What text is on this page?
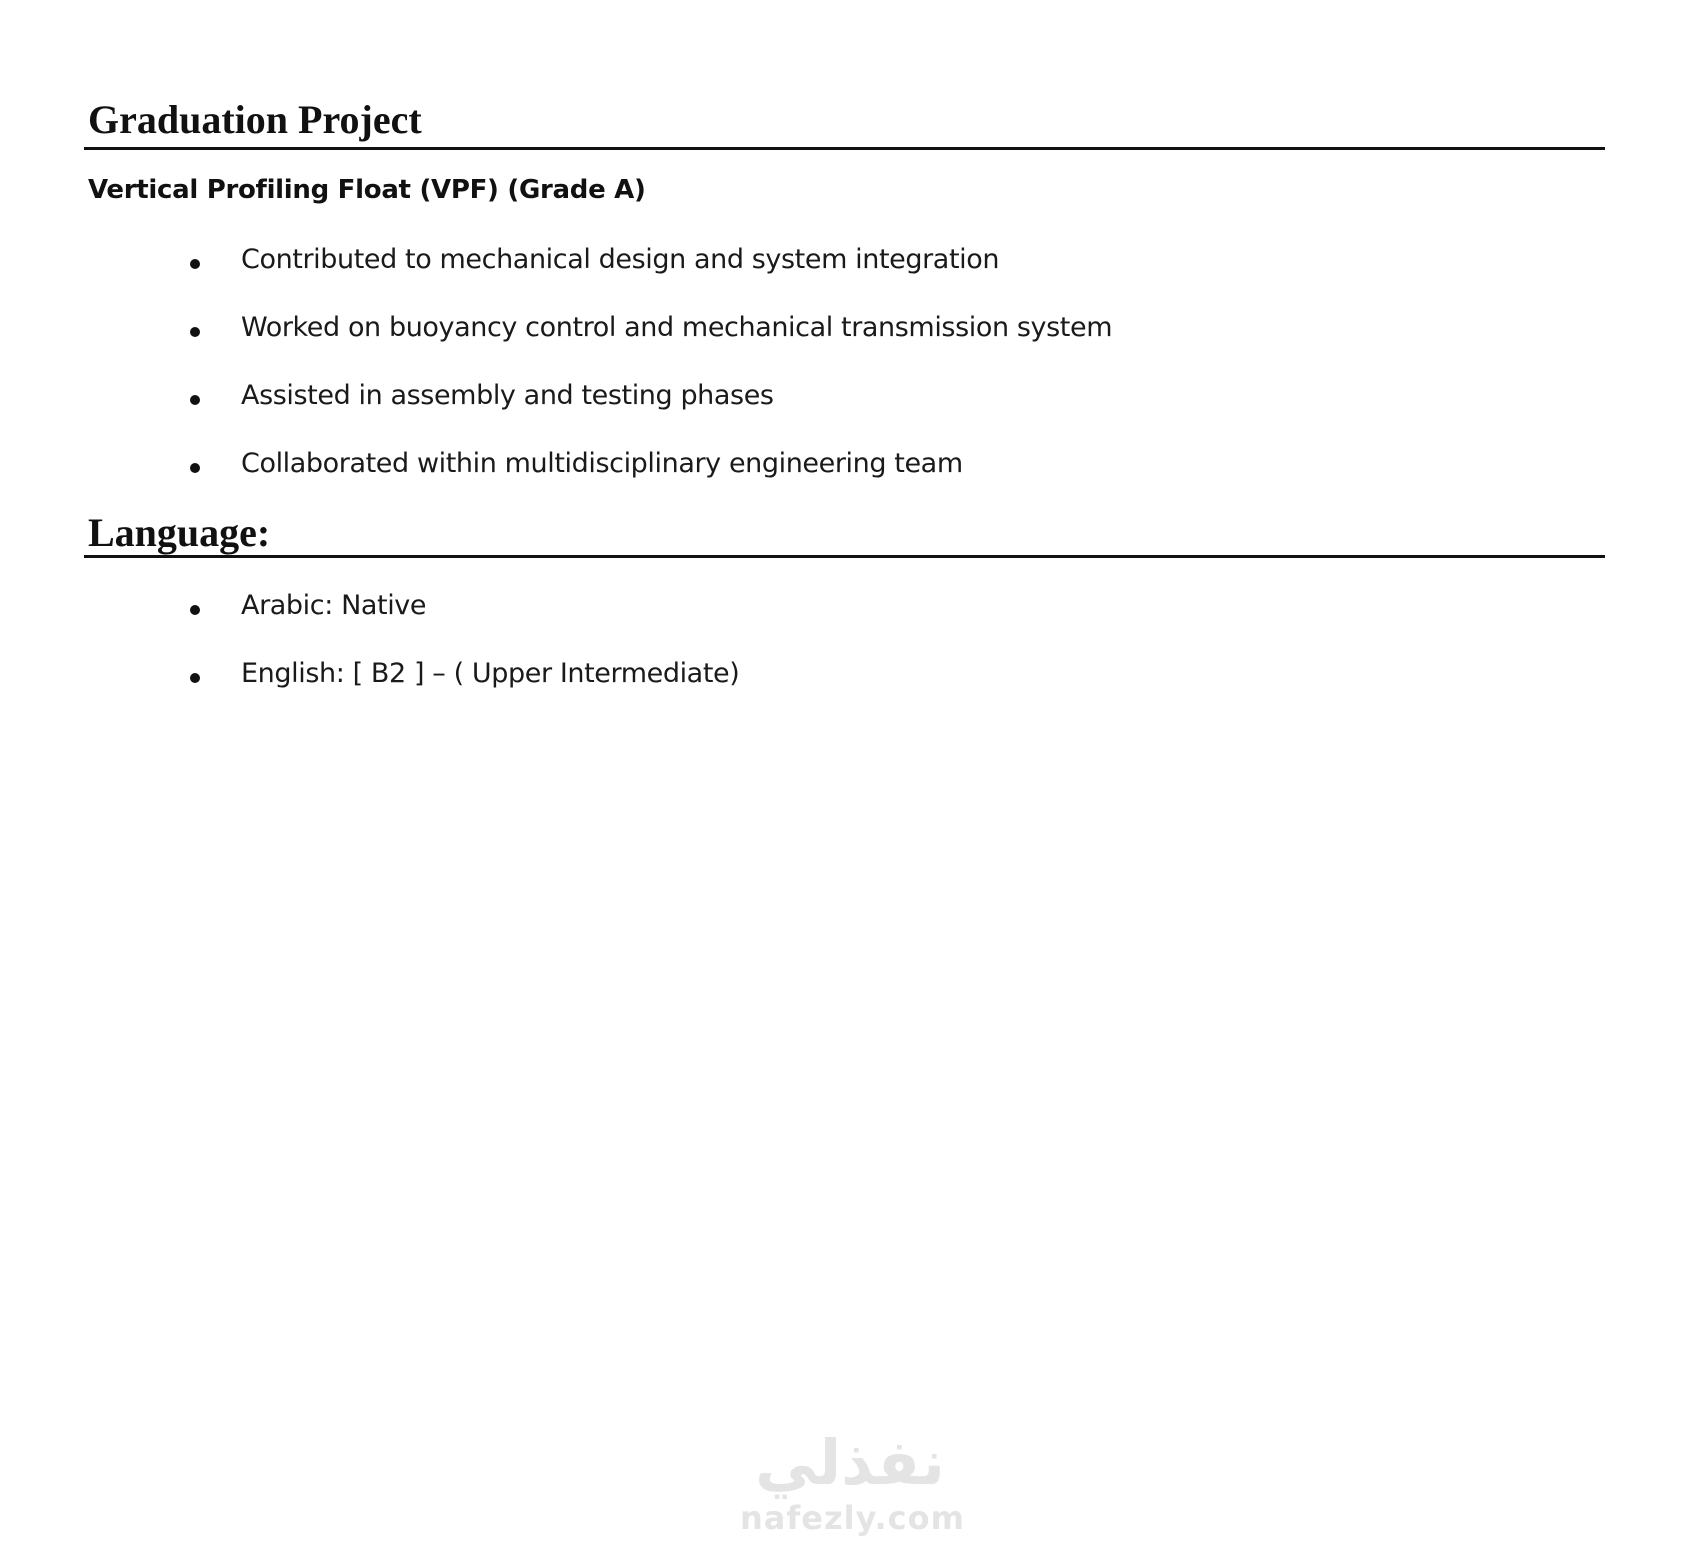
Graduation Project
Vertical Profiling Float (VPF) (Grade A)
Contributed to mechanical design and system integration
Worked on buoyancy control and mechanical transmission system
Assisted in assembly and testing phases
Collaborated within multidisciplinary engineering team
Language:
Arabic: Native
English: [ B2 ] – ( Upper Intermediate)
نفذلي
nafezly.com
